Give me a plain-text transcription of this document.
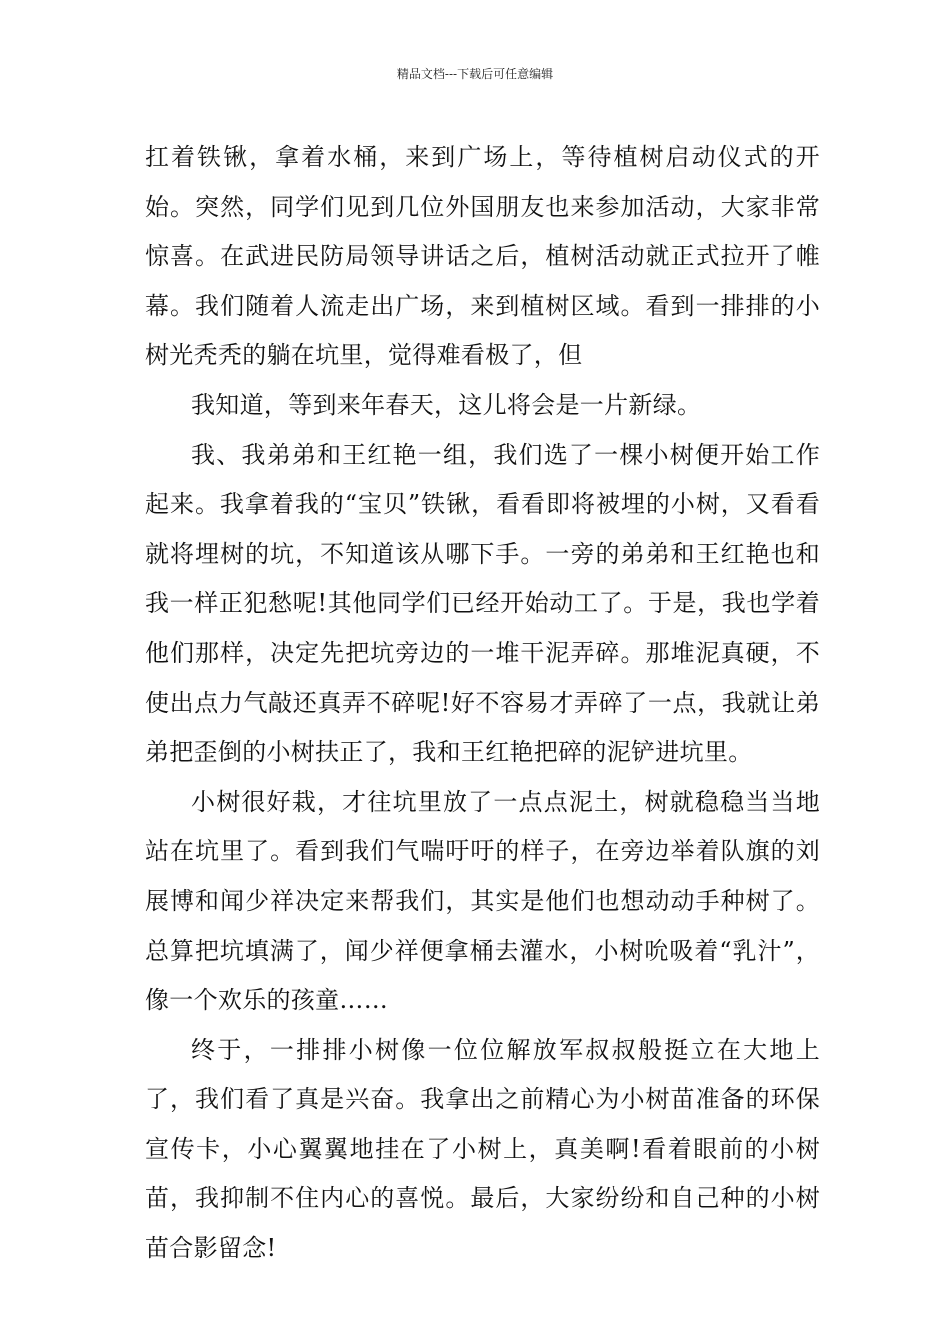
精品文档---下载后可任意编辑

扛着铁锹，拿着水桶，来到广场上，等待植树启动仪式的开始。突然，同学们见到几位外国朋友也来参加活动，大家非常惊喜。在武进民防局领导讲话之后，植树活动就正式拉开了帷幕。我们随着人流走出广场，来到植树区域。看到一排排的小树光秃秃的躺在坑里，觉得难看极了，但

我知道，等到来年春天，这儿将会是一片新绿。

我、我弟弟和王红艳一组，我们选了一棵小树便开始工作起来。我拿着我的“宝贝”铁锹，看看即将被埋的小树，又看看就将埋树的坑，不知道该从哪下手。一旁的弟弟和王红艳也和我一样正犯愁呢!其他同学们已经开始动工了。于是，我也学着他们那样，决定先把坑旁边的一堆干泥弄碎。那堆泥真硬，不使出点力气敲还真弄不碎呢!好不容易才弄碎了一点，我就让弟弟把歪倒的小树扶正了，我和王红艳把碎的泥铲进坑里。

小树很好栽，才往坑里放了一点点泥土，树就稳稳当当地站在坑里了。看到我们气喘吁吁的样子，在旁边举着队旗的刘展博和闻少祥决定来帮我们，其实是他们也想动动手种树了。总算把坑填满了，闻少祥便拿桶去灌水，小树吮吸着“乳汁”，像一个欢乐的孩童……

终于，一排排小树像一位位解放军叔叔般挺立在大地上了，我们看了真是兴奋。我拿出之前精心为小树苗准备的环保宣传卡，小心翼翼地挂在了小树上，真美啊!看着眼前的小树苗，我抑制不住内心的喜悦。最后，大家纷纷和自己种的小树苗合影留念!
